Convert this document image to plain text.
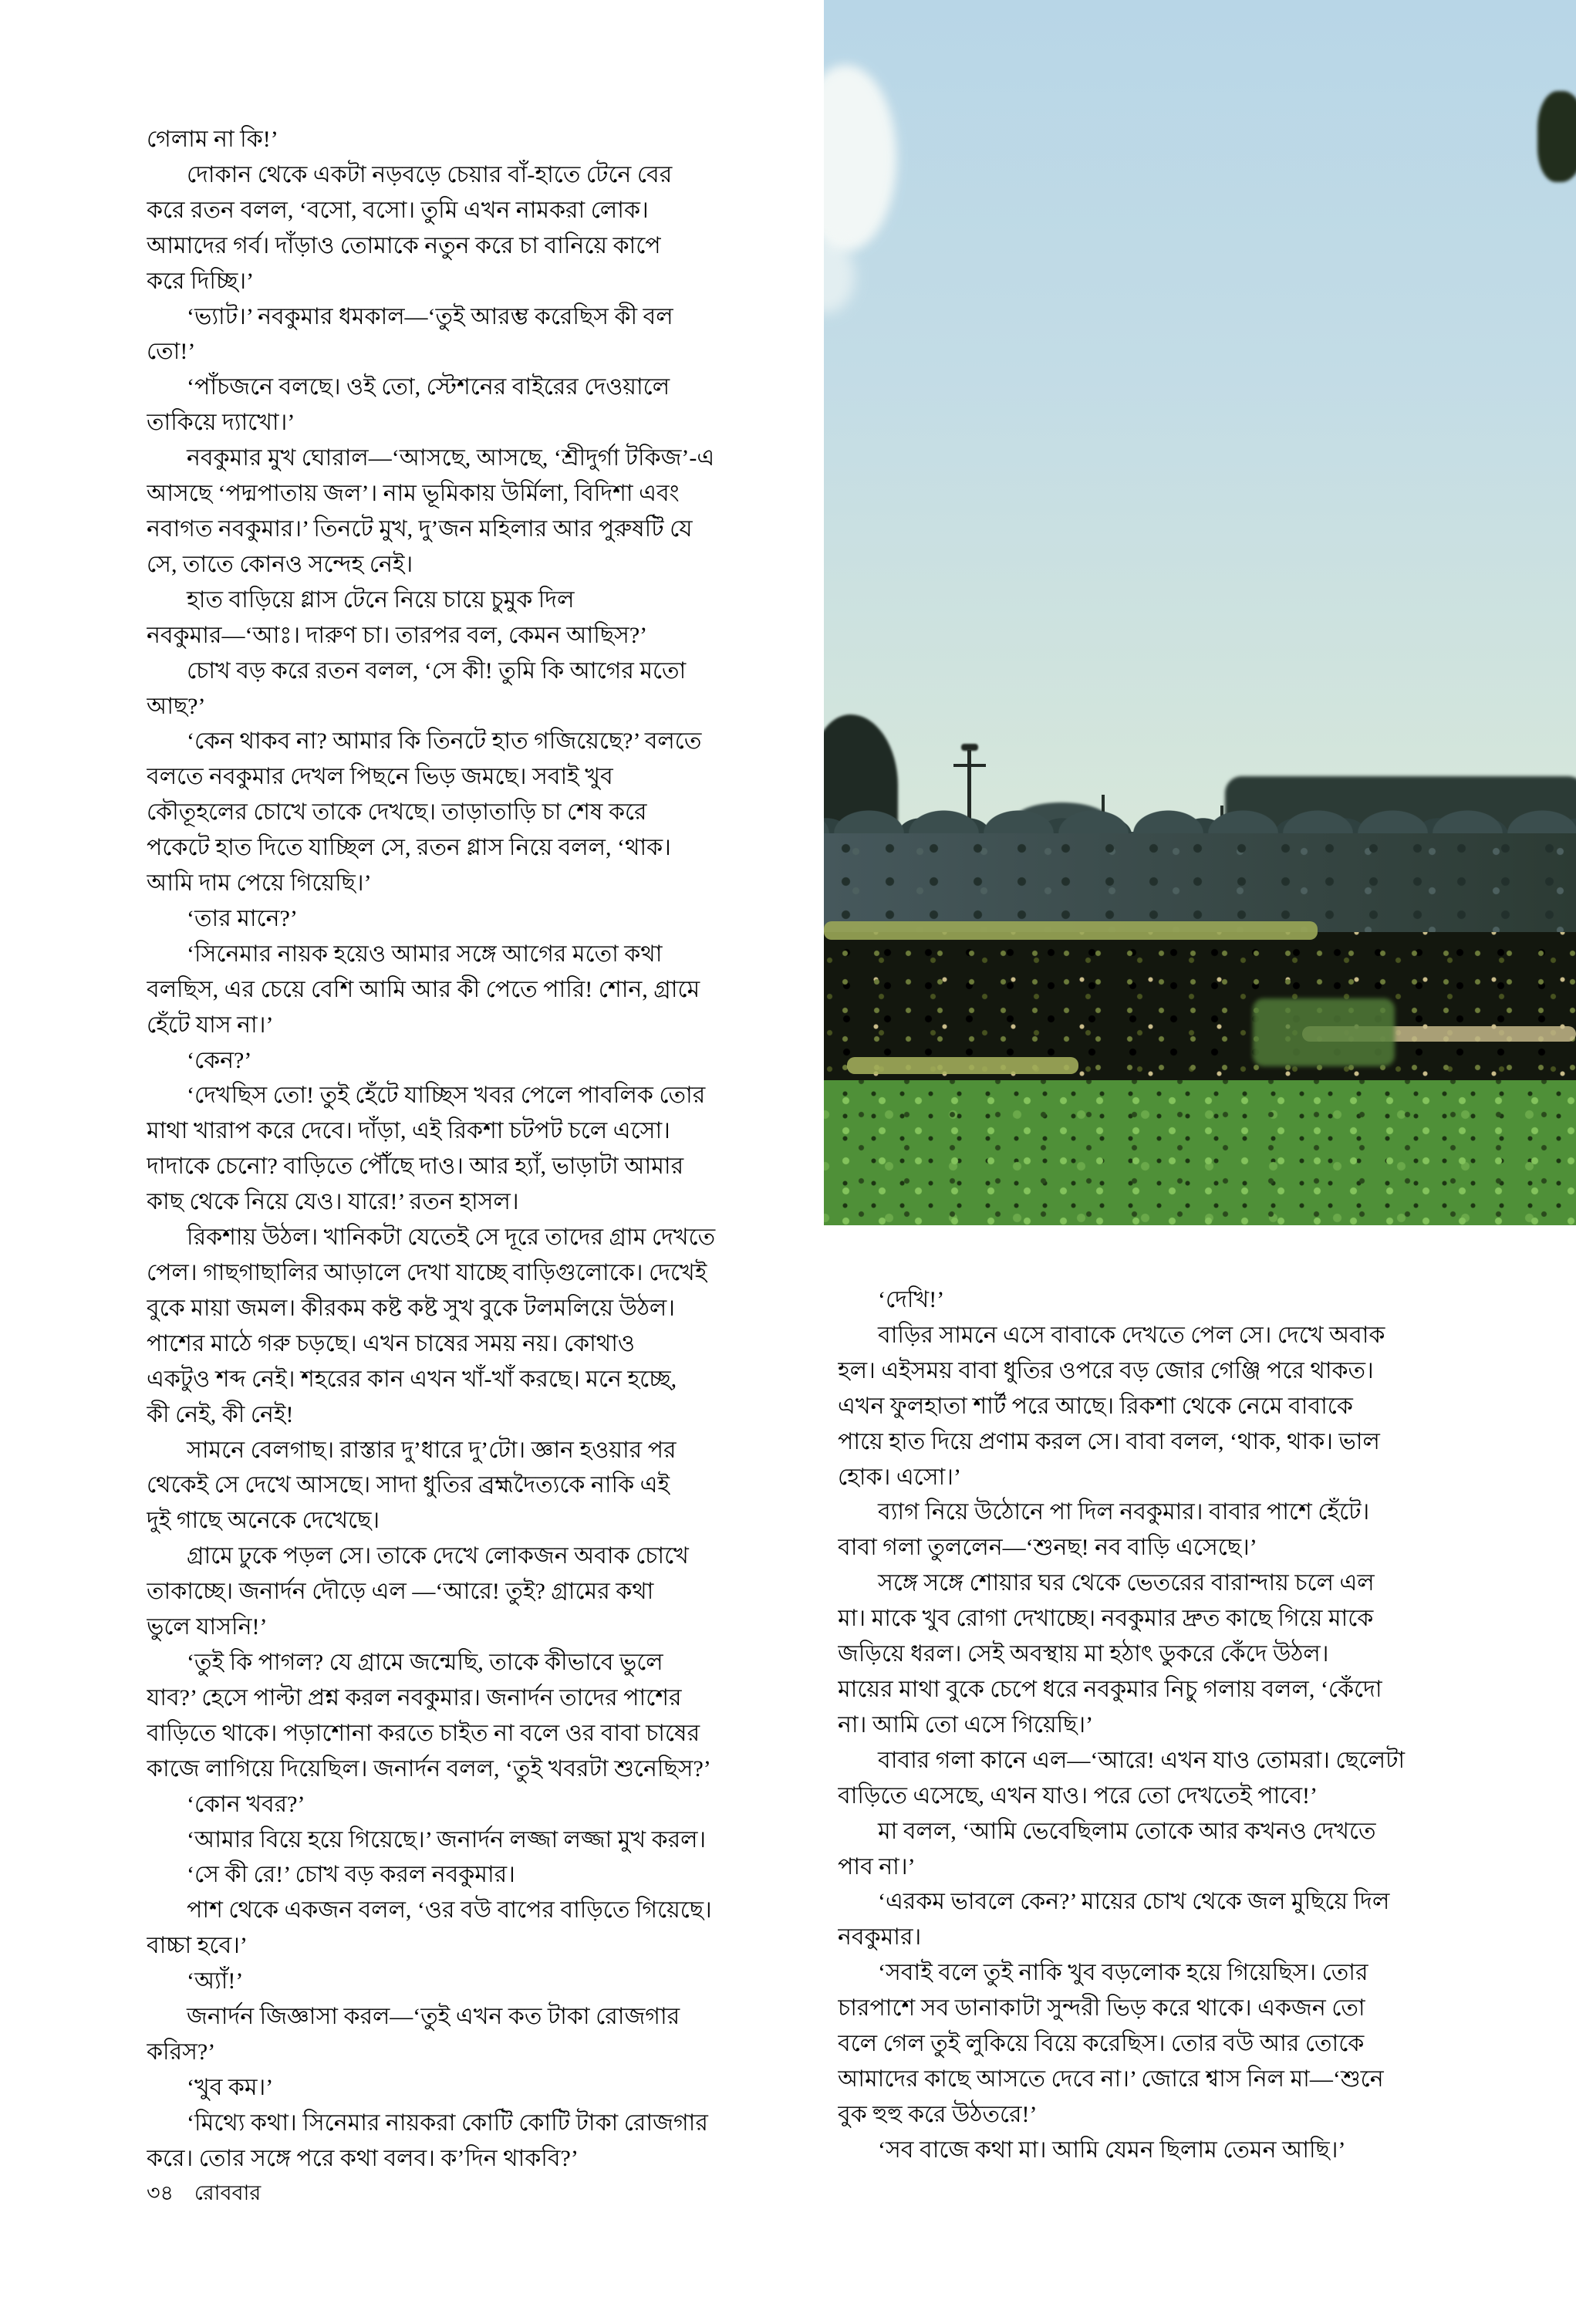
গেলাম না কি!’
দোকান থেকে একটা নড়বড়ে চেয়ার বাঁ-হাতে টেনে বের
করে রতন বলল, ‘বসো, বসো। তুমি এখন নামকরা লোক।
আমাদের গর্ব। দাঁড়াও তোমাকে নতুন করে চা বানিয়ে কাপে
করে দিচ্ছি।’
‘ভ্যাট।’ নবকুমার ধমকাল—‘তুই আরম্ভ করেছিস কী বল
তো!’
‘পাঁচজনে বলছে। ওই তো, স্টেশনের বাইরের দেওয়ালে
তাকিয়ে দ্যাখো।’
নবকুমার মুখ ঘোরাল—‘আসছে, আসছে, ‘শ্রীদুর্গা টকিজ’-এ
আসছে ‘পদ্মপাতায় জল’। নাম ভূমিকায় উর্মিলা, বিদিশা এবং
নবাগত নবকুমার।’ তিনটে মুখ, দু’জন মহিলার আর পুরুষটি যে
সে, তাতে কোনও সন্দেহ নেই।
হাত বাড়িয়ে গ্লাস টেনে নিয়ে চায়ে চুমুক দিল
নবকুমার—‘আঃ। দারুণ চা। তারপর বল, কেমন আছিস?’
চোখ বড় করে রতন বলল, ‘সে কী! তুমি কি আগের মতো
আছ?’
‘কেন থাকব না? আমার কি তিনটে হাত গজিয়েছে?’ বলতে
বলতে নবকুমার দেখল পিছনে ভিড় জমছে। সবাই খুব
কৌতূহলের চোখে তাকে দেখছে। তাড়াতাড়ি চা শেষ করে
পকেটে হাত দিতে যাচ্ছিল সে, রতন গ্লাস নিয়ে বলল, ‘থাক।
আমি দাম পেয়ে গিয়েছি।’
‘তার মানে?’
‘সিনেমার নায়ক হয়েও আমার সঙ্গে আগের মতো কথা
বলছিস, এর চেয়ে বেশি আমি আর কী পেতে পারি! শোন, গ্রামে
হেঁটে যাস না।’
‘কেন?’
‘দেখছিস তো! তুই হেঁটে যাচ্ছিস খবর পেলে পাবলিক তোর
মাথা খারাপ করে দেবে। দাঁড়া, এই রিকশা চটপট চলে এসো।
দাদাকে চেনো? বাড়িতে পৌঁছে দাও। আর হ্যাঁ, ভাড়াটা আমার
কাছ থেকে নিয়ে যেও। যারে!’ রতন হাসল।
রিকশায় উঠল। খানিকটা যেতেই সে দূরে তাদের গ্রাম দেখতে
পেল। গাছগাছালির আড়ালে দেখা যাচ্ছে বাড়িগুলোকে। দেখেই
বুকে মায়া জমল। কীরকম কষ্ট কষ্ট সুখ বুকে টলমলিয়ে উঠল।
পাশের মাঠে গরু চড়ছে। এখন চাষের সময় নয়। কোথাও
একটুও শব্দ নেই। শহরের কান এখন খাঁ-খাঁ করছে। মনে হচ্ছে,
কী নেই, কী নেই!
সামনে বেলগাছ। রাস্তার দু’ধারে দু’টো। জ্ঞান হওয়ার পর
থেকেই সে দেখে আসছে। সাদা ধুতির ব্রহ্মদৈত্যকে নাকি এই
দুই গাছে অনেকে দেখেছে।
গ্রামে ঢুকে পড়ল সে। তাকে দেখে লোকজন অবাক চোখে
তাকাচ্ছে। জনার্দন দৌড়ে এল —‘আরে! তুই? গ্রামের কথা
ভুলে যাসনি!’
‘তুই কি পাগল? যে গ্রামে জন্মেছি, তাকে কীভাবে ভুলে
যাব?’ হেসে পাল্টা প্রশ্ন করল নবকুমার। জনার্দন তাদের পাশের
বাড়িতে থাকে। পড়াশোনা করতে চাইত না বলে ওর বাবা চাষের
কাজে লাগিয়ে দিয়েছিল। জনার্দন বলল, ‘তুই খবরটা শুনেছিস?’
‘কোন খবর?’
‘আমার বিয়ে হয়ে গিয়েছে।’ জনার্দন লজ্জা লজ্জা মুখ করল।
‘সে কী রে!’ চোখ বড় করল নবকুমার।
পাশ থেকে একজন বলল, ‘ওর বউ বাপের বাড়িতে গিয়েছে।
বাচ্চা হবে।’
‘অ্যাঁ!’
জনার্দন জিজ্ঞাসা করল—‘তুই এখন কত টাকা রোজগার
করিস?’
‘খুব কম।’
‘মিথ্যে কথা। সিনেমার নায়করা কোটি কোটি টাকা রোজগার
করে। তোর সঙ্গে পরে কথা বলব। ক’দিন থাকবি?’
‘দেখি!’
বাড়ির সামনে এসে বাবাকে দেখতে পেল সে। দেখে অবাক
হল। এইসময় বাবা ধুতির ওপরে বড় জোর গেঞ্জি পরে থাকত।
এখন ফুলহাতা শার্ট পরে আছে। রিকশা থেকে নেমে বাবাকে
পায়ে হাত দিয়ে প্রণাম করল সে। বাবা বলল, ‘থাক, থাক। ভাল
হোক। এসো।’
ব্যাগ নিয়ে উঠোনে পা দিল নবকুমার। বাবার পাশে হেঁটে।
বাবা গলা তুললেন—‘শুনছ! নব বাড়ি এসেছে।’
সঙ্গে সঙ্গে শোয়ার ঘর থেকে ভেতরের বারান্দায় চলে এল
মা। মাকে খুব রোগা দেখাচ্ছে। নবকুমার দ্রুত কাছে গিয়ে মাকে
জড়িয়ে ধরল। সেই অবস্থায় মা হঠাৎ ডুকরে কেঁদে উঠল।
মায়ের মাথা বুকে চেপে ধরে নবকুমার নিচু গলায় বলল, ‘কেঁদো
না। আমি তো এসে গিয়েছি।’
বাবার গলা কানে এল—‘আরে! এখন যাও তোমরা। ছেলেটা
বাড়িতে এসেছে, এখন যাও। পরে তো দেখতেই পাবে!’
মা বলল, ‘আমি ভেবেছিলাম তোকে আর কখনও দেখতে
পাব না।’
‘এরকম ভাবলে কেন?’ মায়ের চোখ থেকে জল মুছিয়ে দিল
নবকুমার।
‘সবাই বলে তুই নাকি খুব বড়লোক হয়ে গিয়েছিস। তোর
চারপাশে সব ডানাকাটা সুন্দরী ভিড় করে থাকে। একজন তো
বলে গেল তুই লুকিয়ে বিয়ে করেছিস। তোর বউ আর তোকে
আমাদের কাছে আসতে দেবে না।’ জোরে শ্বাস নিল মা—‘শুনে
বুক হুহু করে উঠতরে!’
‘সব বাজে কথা মা। আমি যেমন ছিলাম তেমন আছি।’
৩৪ রোববার
